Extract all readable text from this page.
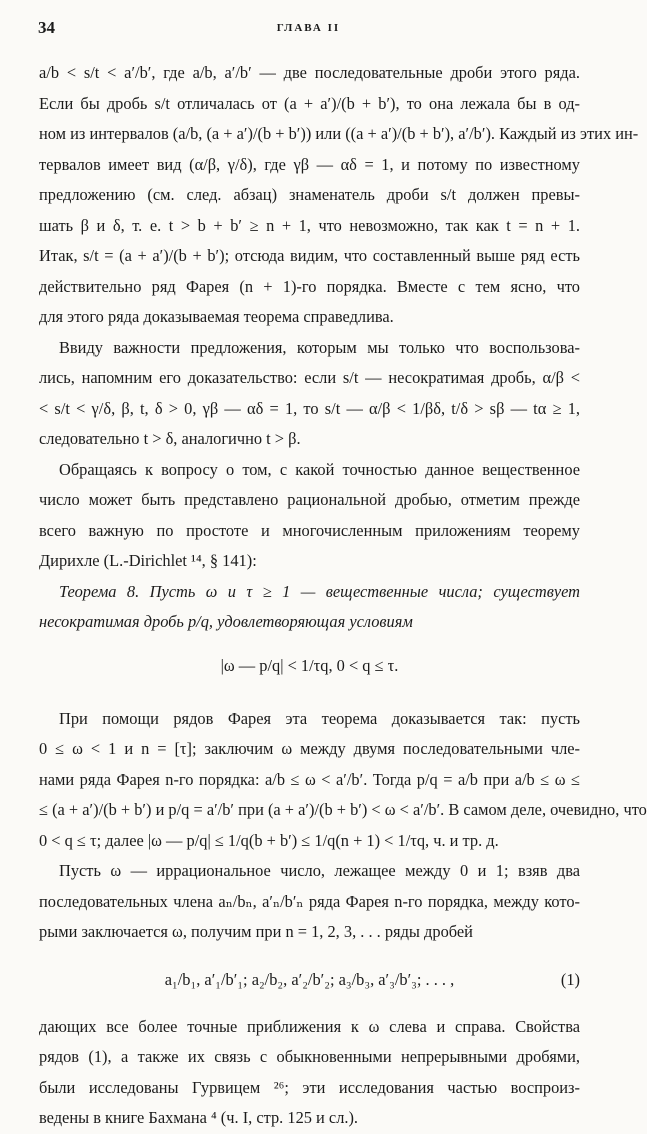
34	ГЛАВА II
a/b < s/t < a′/b′, где a/b, a′/b′ — две последовательные дроби этого ряда.
Если бы дробь s/t отличалась от (a + a′)/(b + b′), то она лежала бы в од-
ном из интервалов (a/b, (a + a′)/(b + b′)) или ((a + a′)/(b + b′), a′/b′). Каждый из этих ин-
тервалов имеет вид (α/β, γ/δ), где γβ — αδ = 1, и потому по известному
предложению (см. след. абзац) знаменатель дроби s/t должен превы-
шать β и δ, т. е. t > b + b′ ≥ n + 1, что невозможно, так как t = n + 1.
Итак, s/t = (a + a′)/(b + b′); отсюда видим, что составленный выше ряд есть
действительно ряд Фарея (n + 1)-го порядка. Вместе с тем ясно, что
для этого ряда доказываемая теорема справедлива.
Ввиду важности предложения, которым мы только что воспользова-
лись, напомним его доказательство: если s/t — несократимая дробь, α/β <
< s/t < γ/δ, β, t, δ > 0, γβ — αδ = 1, то s/t — α/β < 1/βδ, t/δ > sβ — tα ≥ 1,
следовательно t > δ, аналогично t > β.
Обращаясь к вопросу о том, с какой точностью данное вещественное
число может быть представлено рациональной дробью, отметим прежде
всего важную по простоте и многочисленным приложениям теорему
Дирихле (L.-Dirichlet ¹⁴, § 141):
Теорема 8. Пусть ω и τ ≥ 1 — вещественные числа; существует
несократимая дробь p/q, удовлетворяющая условиям
|ω — p/q| < 1/τq, 0 < q ≤ τ.
При помощи рядов Фарея эта теорема доказывается так: пусть
0 ≤ ω < 1 и n = [τ]; заключим ω между двумя последовательными чле-
нами ряда Фарея n-го порядка: a/b ≤ ω < a′/b′. Тогда p/q = a/b при a/b ≤ ω ≤
≤ (a + a′)/(b + b′) и p/q = a′/b′ при (a + a′)/(b + b′) < ω < a′/b′. В самом деле, очевидно, что
0 < q ≤ τ; далее |ω — p/q| ≤ 1/q(b + b′) ≤ 1/q(n + 1) < 1/τq, ч. и тр. д.
Пусть ω — иррациональное число, лежащее между 0 и 1; взяв два
последовательных члена aₙ/bₙ, a′ₙ/b′ₙ ряда Фарея n-го порядка, между кото-
рыми заключается ω, получим при n = 1, 2, 3, . . . ряды дробей
a₁/b₁, a′₁/b′₁; a₂/b₂, a′₂/b′₂; a₃/b₃, a′₃/b′₃; . . . ,	(1)
дающих все более точные приближения к ω слева и справа. Свойства
рядов (1), а также их связь с обыкновенными непрерывными дробями,
были исследованы Гурвицем ²⁶; эти исследования частью воспроиз-
ведены в книге Бахмана ⁴ (ч. I, стр. 125 и сл.).
